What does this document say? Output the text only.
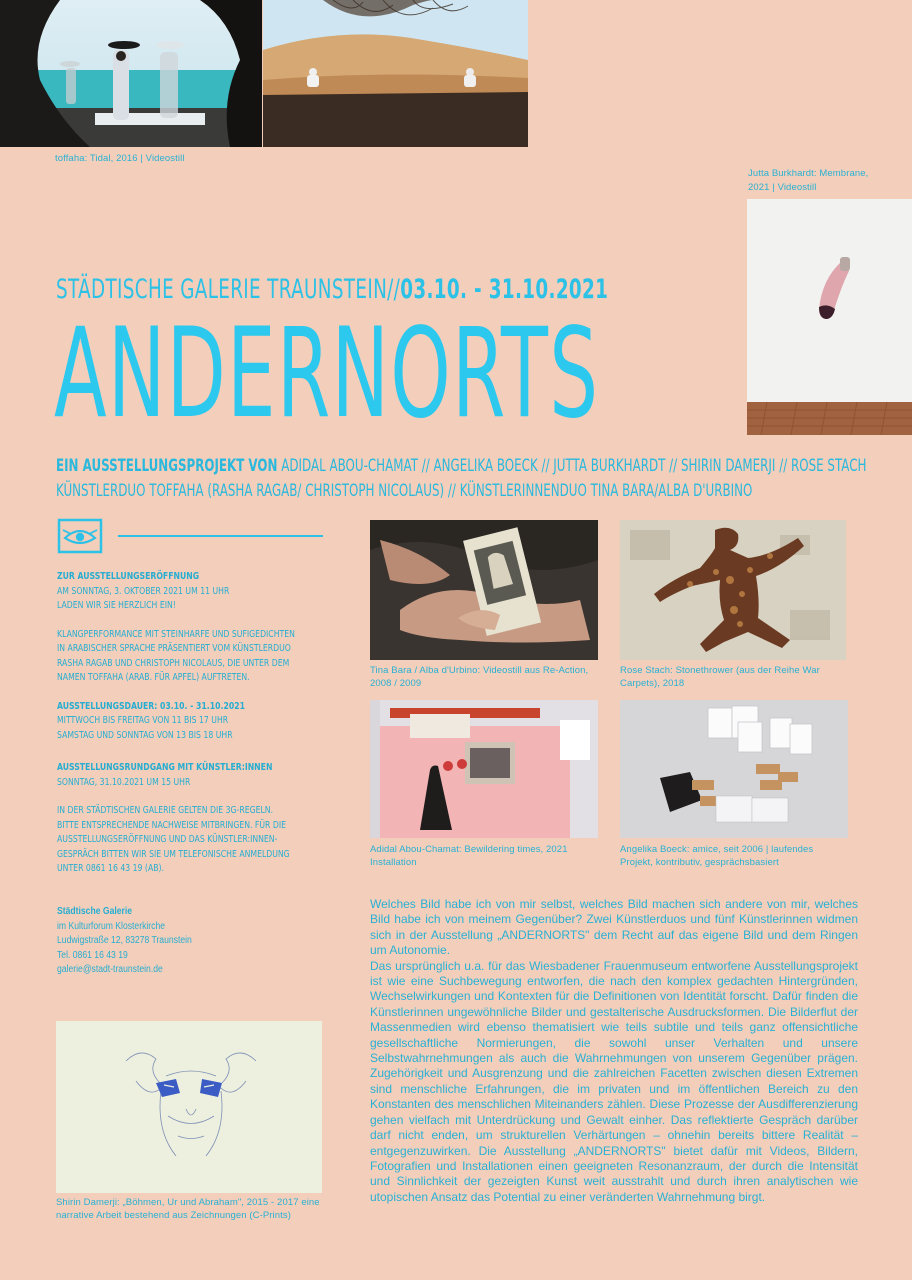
toffaha: Tidal, 2016 | Videostill
Jutta Burkhardt: Membrane, 2021 | Videostill
STÄDTISCHE GALERIE TRAUNSTEIN//03.10. - 31.10.2021
ANDERNORTS
EIN AUSSTELLUNGSPROJEKT VON ADIDAL ABOU-CHAMAT // ANGELIKA BOECK // JUTTA BURKHARDT // SHIRIN DAMERJI // ROSE STACH
KÜNSTLERDUO TOFFAHA (RASHA RAGAB/ CHRISTOPH NICOLAUS) // KÜNSTLERINNENDUO TINA BARA/ALBA D'URBINO
ZUR AUSSTELLUNGSERÖFFNUNG
AM SONNTAG, 3. OKTOBER 2021 UM 11 UHR
LADEN WIR SIE HERZLICH EIN!
KLANGPERFORMANCE MIT STEINHARFE UND SUFIGEDICHTEN
IN ARABISCHER SPRACHE PRÄSENTIERT VOM KÜNSTLERDUO
RASHA RAGAB UND CHRISTOPH NICOLAUS, DIE UNTER DEM
NAMEN TOFFAHA (ARAB. FÜR APFEL) AUFTRETEN.
AUSSTELLUNGSDAUER: 03.10. - 31.10.2021
MITTWOCH BIS FREITAG VON 11 BIS 17 UHR
SAMSTAG UND SONNTAG VON 13 BIS 18 UHR
AUSSTELLUNGSRUNDGANG MIT KÜNSTLER:INNEN
SONNTAG, 31.10.2021 UM 15 UHR
IN DER STÄDTISCHEN GALERIE GELTEN DIE 3G-REGELN.
BITTE ENTSPRECHENDE NACHWEISE MITBRINGEN. FÜR DIE
AUSSTELLUNGSERÖFFNUNG UND DAS KÜNSTLER:INNEN-
GESPRÄCH BITTEN WIR SIE UM TELEFONISCHE ANMELDUNG
UNTER 0861 16 43 19 (AB).
Städtische Galerie
im Kulturforum Klosterkirche
Ludwigstraße 12, 83278 Traunstein
Tel. 0861 16 43 19
galerie@stadt-traunstein.de
Shirin Damerji: „Böhmen, Ur und Abraham", 2015 - 2017 eine narrative Arbeit bestehend aus Zeichnungen (C-Prints)
Tina Bara / Alba d'Urbino: Videostill aus Re-Action, 2008 / 2009
Rose Stach: Stonethrower (aus der Reihe War Carpets), 2018
Adidal Abou-Chamat: Bewildering times, 2021 Installation
Angelika Boeck: amice, seit 2006 | laufendes Projekt, kontributiv, gesprächsbasiert

Welches Bild habe ich von mir selbst, welches Bild machen sich andere von mir, welches Bild habe ich von meinem Gegenüber? Zwei Künstlerduos und fünf Künstlerinnen widmen sich in der Ausstellung „ANDERNORTS" dem Recht auf das eigene Bild und dem Ringen um Autonomie.

Das ursprünglich u.a. für das Wiesbadener Frauenmuseum entworfene Ausstellungsprojekt ist wie eine Suchbewegung entworfen, die nach den komplex gedachten Hintergründen, Wechselwirkungen und Kontexten für die Definitionen von Identität forscht. Dafür finden die Künstlerinnen ungewöhnliche Bilder und gestalterische Ausdrucksformen. Die Bilderflut der Massenmedien wird ebenso thematisiert wie teils subtile und teils ganz offensichtliche gesellschaftliche Normierungen, die sowohl unser Verhalten und unsere Selbstwahrnehmungen als auch die Wahrnehmungen von unserem Gegenüber prägen. Zugehörigkeit und Ausgrenzung und die zahlreichen Facetten zwischen diesen Extremen sind menschliche Erfahrungen, die im privaten und im öffentlichen Bereich zu den Konstanten des menschlichen Miteinanders zählen. Diese Prozesse der Ausdifferenzierung gehen vielfach mit Unterdrückung und Gewalt einher. Das reflektierte Gespräch darüber darf nicht enden, um strukturellen Verhärtungen – ohnehin bereits bittere Realität – entgegenzuwirken. Die Ausstellung „ANDERNORTS" bietet dafür mit Videos, Bildern, Fotografien und Installationen einen geeigneten Resonanzraum, der durch die Intensität und Sinnlichkeit der gezeigten Kunst weit ausstrahlt und durch ihren analytischen wie utopischen Ansatz das Potential zu einer veränderten Wahrnehmung birgt.
